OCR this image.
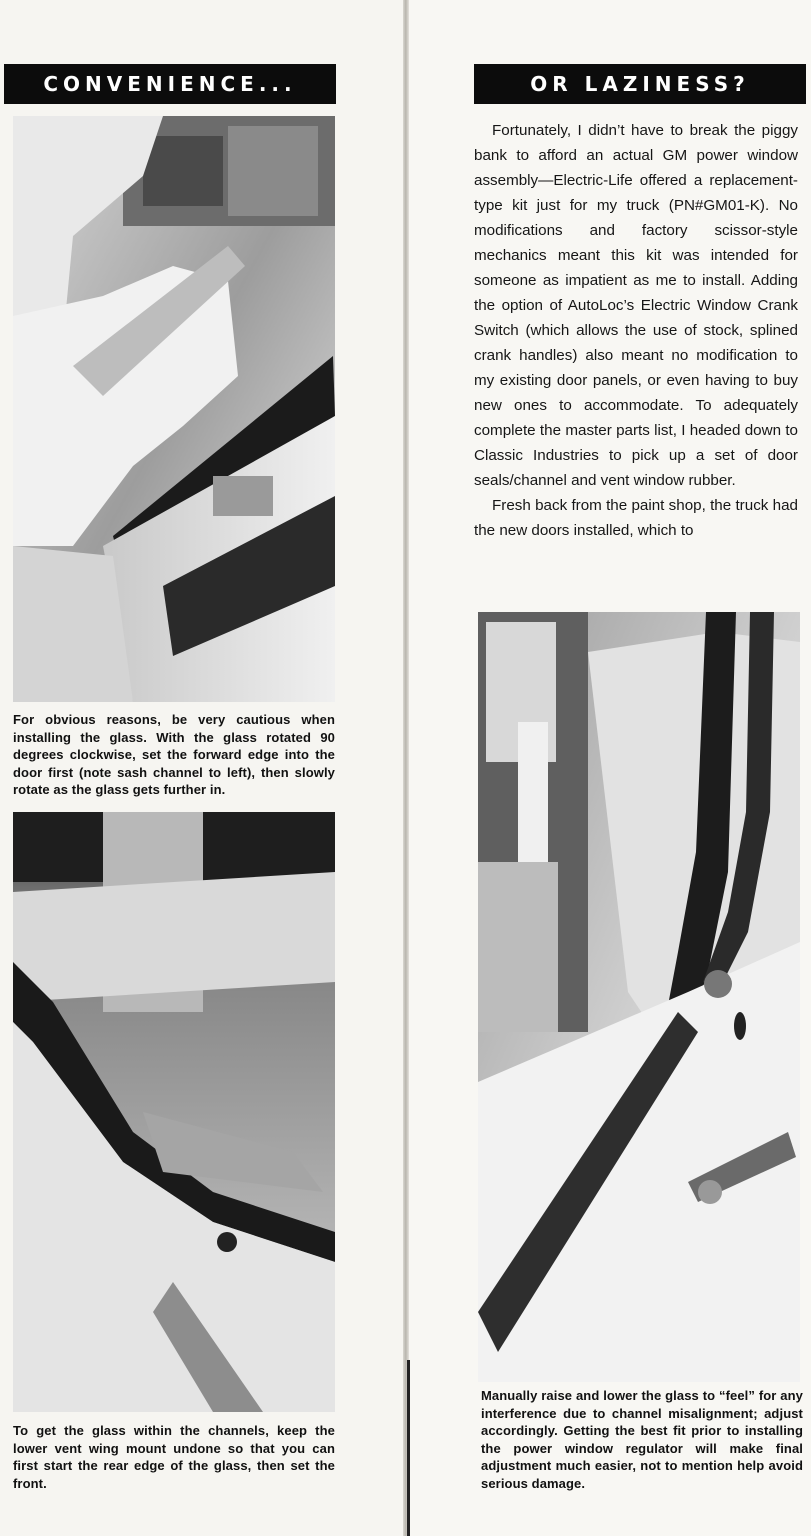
CONVENIENCE...	OR LAZINESS?

For obvious reasons, be very cautious when installing the glass. With the glass rotated 90 degrees clockwise, set the forward edge into the door first (note sash channel to left), then slowly rotate as the glass gets further in.

To get the glass within the channels, keep the lower vent wing mount undone so that you can first start the rear edge of the glass, then set the front.

Fortunately, I didn’t have to break the piggy bank to afford an actual GM power window assembly—Electric-Life offered a replacement-type kit just for my truck (PN#GM01-K). No modifications and factory scissor-style mechanics meant this kit was intended for someone as impatient as me to install. Adding the option of AutoLoc’s Electric Window Crank Switch (which allows the use of stock, splined crank handles) also meant no modification to my existing door panels, or even having to buy new ones to accommodate. To adequately complete the master parts list, I headed down to Classic Industries to pick up a set of door seals/channel and vent window rubber.

Fresh back from the paint shop, the truck had the new doors installed, which to

Manually raise and lower the glass to “feel” for any interference due to channel misalignment; adjust accordingly. Getting the best fit prior to installing the power window regulator will make final adjustment much easier, not to mention help avoid serious damage.
